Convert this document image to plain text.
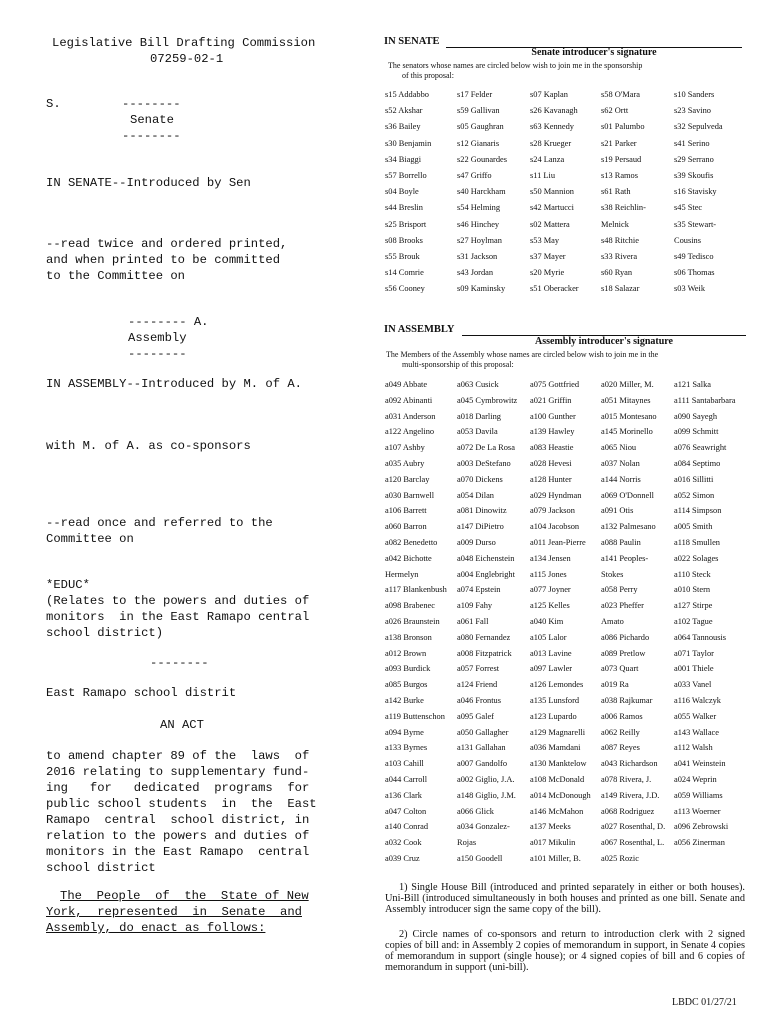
Legislative Bill Drafting Commission
07259-02-1
S.	--------
Senate
--------
IN SENATE--Introduced by Sen
--read twice and ordered printed,
and when printed to be committed
to the Committee on
-------- A.
Assembly
--------
IN ASSEMBLY--Introduced by M. of A.
with M. of A. as co-sponsors
--read once and referred to the
Committee on
*EDUC*
(Relates to the powers and duties of
monitors  in the East Ramapo central
school district)
--------
East Ramapo school distrit
AN ACT
to amend chapter 89 of the  laws  of
2016 relating to supplementary fund-
ing   for   dedicated  programs  for
public school students  in  the  East
Ramapo  central  school district, in
relation to the powers and duties of
monitors in the East Ramapo  central
school district
The  People  of  the  State of New
York,  represented  in  Senate  and
Assembly, do enact as follows:
IN SENATE
Senate introducer's signature
The senators whose names are circled below wish to join me in the sponsorship
of this proposal:
s15 Addabbo
s52 Akshar
s36 Bailey
s30 Benjamin
s34 Biaggi
s57 Borrello
s04 Boyle
s44 Breslin
s25 Brisport
s08 Brooks
s55 Brouk
s14 Comrie
s56 Cooney
s17 Felder
s59 Gallivan
s05 Gaughran
s12 Gianaris
s22 Gounardes
s47 Griffo
s40 Harckham
s54 Helming
s46 Hinchey
s27 Hoylman
s31 Jackson
s43 Jordan
s09 Kaminsky
s07 Kaplan
s26 Kavanagh
s63 Kennedy
s28 Krueger
s24 Lanza
s11 Liu
s50 Mannion
s42 Martucci
s02 Mattera
s53 May
s37 Mayer
s20 Myrie
s51 Oberacker
s58 O'Mara
s62 Ortt
s01 Palumbo
s21 Parker
s19 Persaud
s13 Ramos
s61 Rath
s38 Reichlin-
Melnick
s48 Ritchie
s33 Rivera
s60 Ryan
s18 Salazar
s10 Sanders
s23 Savino
s32 Sepulveda
s41 Serino
s29 Serrano
s39 Skoufis
s16 Stavisky
s45 Stec
s35 Stewart-
Cousins
s49 Tedisco
s06 Thomas
s03 Weik
IN ASSEMBLY
Assembly introducer's signature
The Members of the Assembly whose names are circled below wish to join me in the
multi-sponsorship of this proposal:
a049 Abbate
a092 Abinanti
a031 Anderson
a122 Angelino
a107 Ashby
a035 Aubry
a120 Barclay
a030 Barnwell
a106 Barrett
a060 Barron
a082 Benedetto
a042 Bichotte
Hermelyn
a117 Blankenbush
a098 Brabenec
a026 Braunstein
a138 Bronson
a012 Brown
a093 Burdick
a085 Burgos
a142 Burke
a119 Buttenschon
a094 Byrne
a133 Byrnes
a103 Cahill
a044 Carroll
a136 Clark
a047 Colton
a140 Conrad
a032 Cook
a039 Cruz
a063 Cusick
a045 Cymbrowitz
a018 Darling
a053 Davila
a072 De La Rosa
a003 DeStefano
a070 Dickens
a054 Dilan
a081 Dinowitz
a147 DiPietro
a009 Durso
a048 Eichenstein
a004 Englebright
a074 Epstein
a109 Fahy
a061 Fall
a080 Fernandez
a008 Fitzpatrick
a057 Forrest
a124 Friend
a046 Frontus
a095 Galef
a050 Gallagher
a131 Gallahan
a007 Gandolfo
a002 Giglio, J.A.
a148 Giglio, J.M.
a066 Glick
a034 Gonzalez-
Rojas
a150 Goodell
a075 Gottfried
a021 Griffin
a100 Gunther
a139 Hawley
a083 Heastie
a028 Hevesi
a128 Hunter
a029 Hyndman
a079 Jackson
a104 Jacobson
a011 Jean-Pierre
a134 Jensen
a115 Jones
a077 Joyner
a125 Kelles
a040 Kim
a105 Lalor
a013 Lavine
a097 Lawler
a126 Lemondes
a135 Lunsford
a123 Lupardo
a129 Magnarelli
a036 Mamdani
a130 Manktelow
a108 McDonald
a014 McDonough
a146 McMahon
a137 Meeks
a017 Mikulin
a101 Miller, B.
a020 Miller, M.
a051 Mitaynes
a015 Montesano
a145 Morinello
a065 Niou
a037 Nolan
a144 Norris
a069 O'Donnell
a091 Otis
a132 Palmesano
a088 Paulin
a141 Peoples-
Stokes
a058 Perry
a023 Pheffer
Amato
a086 Pichardo
a089 Pretlow
a073 Quart
a019 Ra
a038 Rajkumar
a006 Ramos
a062 Reilly
a087 Reyes
a043 Richardson
a078 Rivera, J.
a149 Rivera, J.D.
a068 Rodriguez
a027 Rosenthal, D.
a067 Rosenthal, L.
a025 Rozic
a121 Salka
a111 Santabarbara
a090 Sayegh
a099 Schmitt
a076 Seawright
a084 Septimo
a016 Sillitti
a052 Simon
a114 Simpson
a005 Smith
a118 Smullen
a022 Solages
a110 Steck
a010 Stern
a127 Stirpe
a102 Tague
a064 Tannousis
a071 Taylor
a001 Thiele
a033 Vanel
a116 Walczyk
a055 Walker
a143 Wallace
a112 Walsh
a041 Weinstein
a024 Weprin
a059 Williams
a113 Woerner
a096 Zebrowski
a056 Zinerman
1) Single House Bill (introduced and printed separately in either or both houses). Uni-Bill (introduced simultaneously in both houses and printed as one bill. Senate and Assembly introducer sign the same copy of the bill).
2) Circle names of co-sponsors and return to introduction clerk with 2 signed copies of bill and: in Assembly 2 copies of memorandum in support, in Senate 4 copies of memorandum in support (single house); or 4 signed copies of bill and 6 copies of memorandum in support (uni-bill).
LBDC 01/27/21
